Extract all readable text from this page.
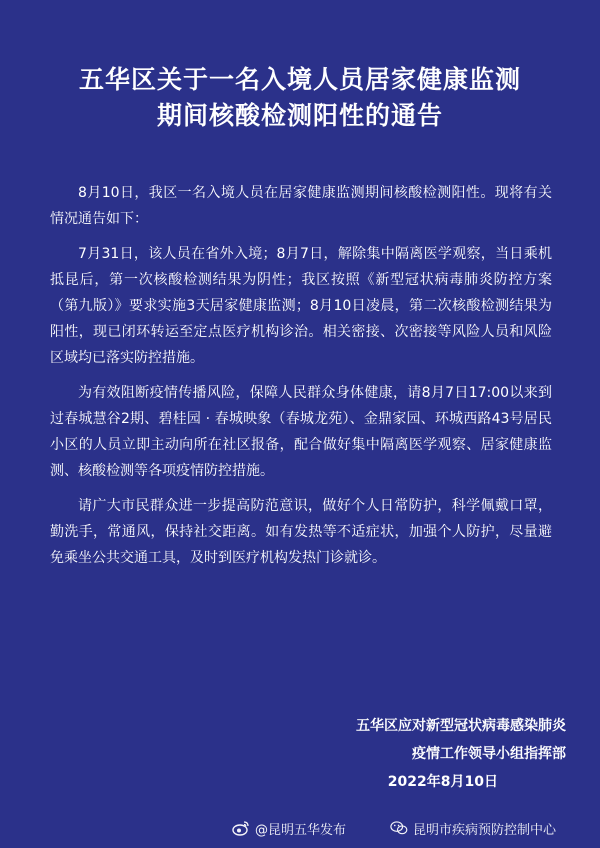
五华区关于一名入境人员居家健康监测
期间核酸检测阳性的通告

8月10日，我区一名入境人员在居家健康监测期间核酸检测阳性。现将有关情况通告如下：

7月31日，该人员在省外入境；8月7日，解除集中隔离医学观察，当日乘机抵昆后，第一次核酸检测结果为阴性；我区按照《新型冠状病毒肺炎防控方案（第九版）》要求实施3天居家健康监测；8月10日凌晨，第二次核酸检测结果为阳性，现已闭环转运至定点医疗机构诊治。相关密接、次密接等风险人员和风险区域均已落实防控措施。

为有效阻断疫情传播风险，保障人民群众身体健康，请8月7日17:00以来到过春城慧谷2期、碧桂园 · 春城映象（春城龙苑）、金鼎家园、环城西路43号居民小区的人员立即主动向所在社区报备，配合做好集中隔离医学观察、居家健康监测、核酸检测等各项疫情防控措施。

请广大市民群众进一步提高防范意识，做好个人日常防护，科学佩戴口罩，勤洗手，常通风，保持社交距离。如有发热等不适症状，加强个人防护，尽量避免乘坐公共交通工具，及时到医疗机构发热门诊就诊。

五华区应对新型冠状病毒感染肺炎
疫情工作领导小组指挥部
2022年8月10日
@昆明五华发布	昆明市疾病预防控制中心
